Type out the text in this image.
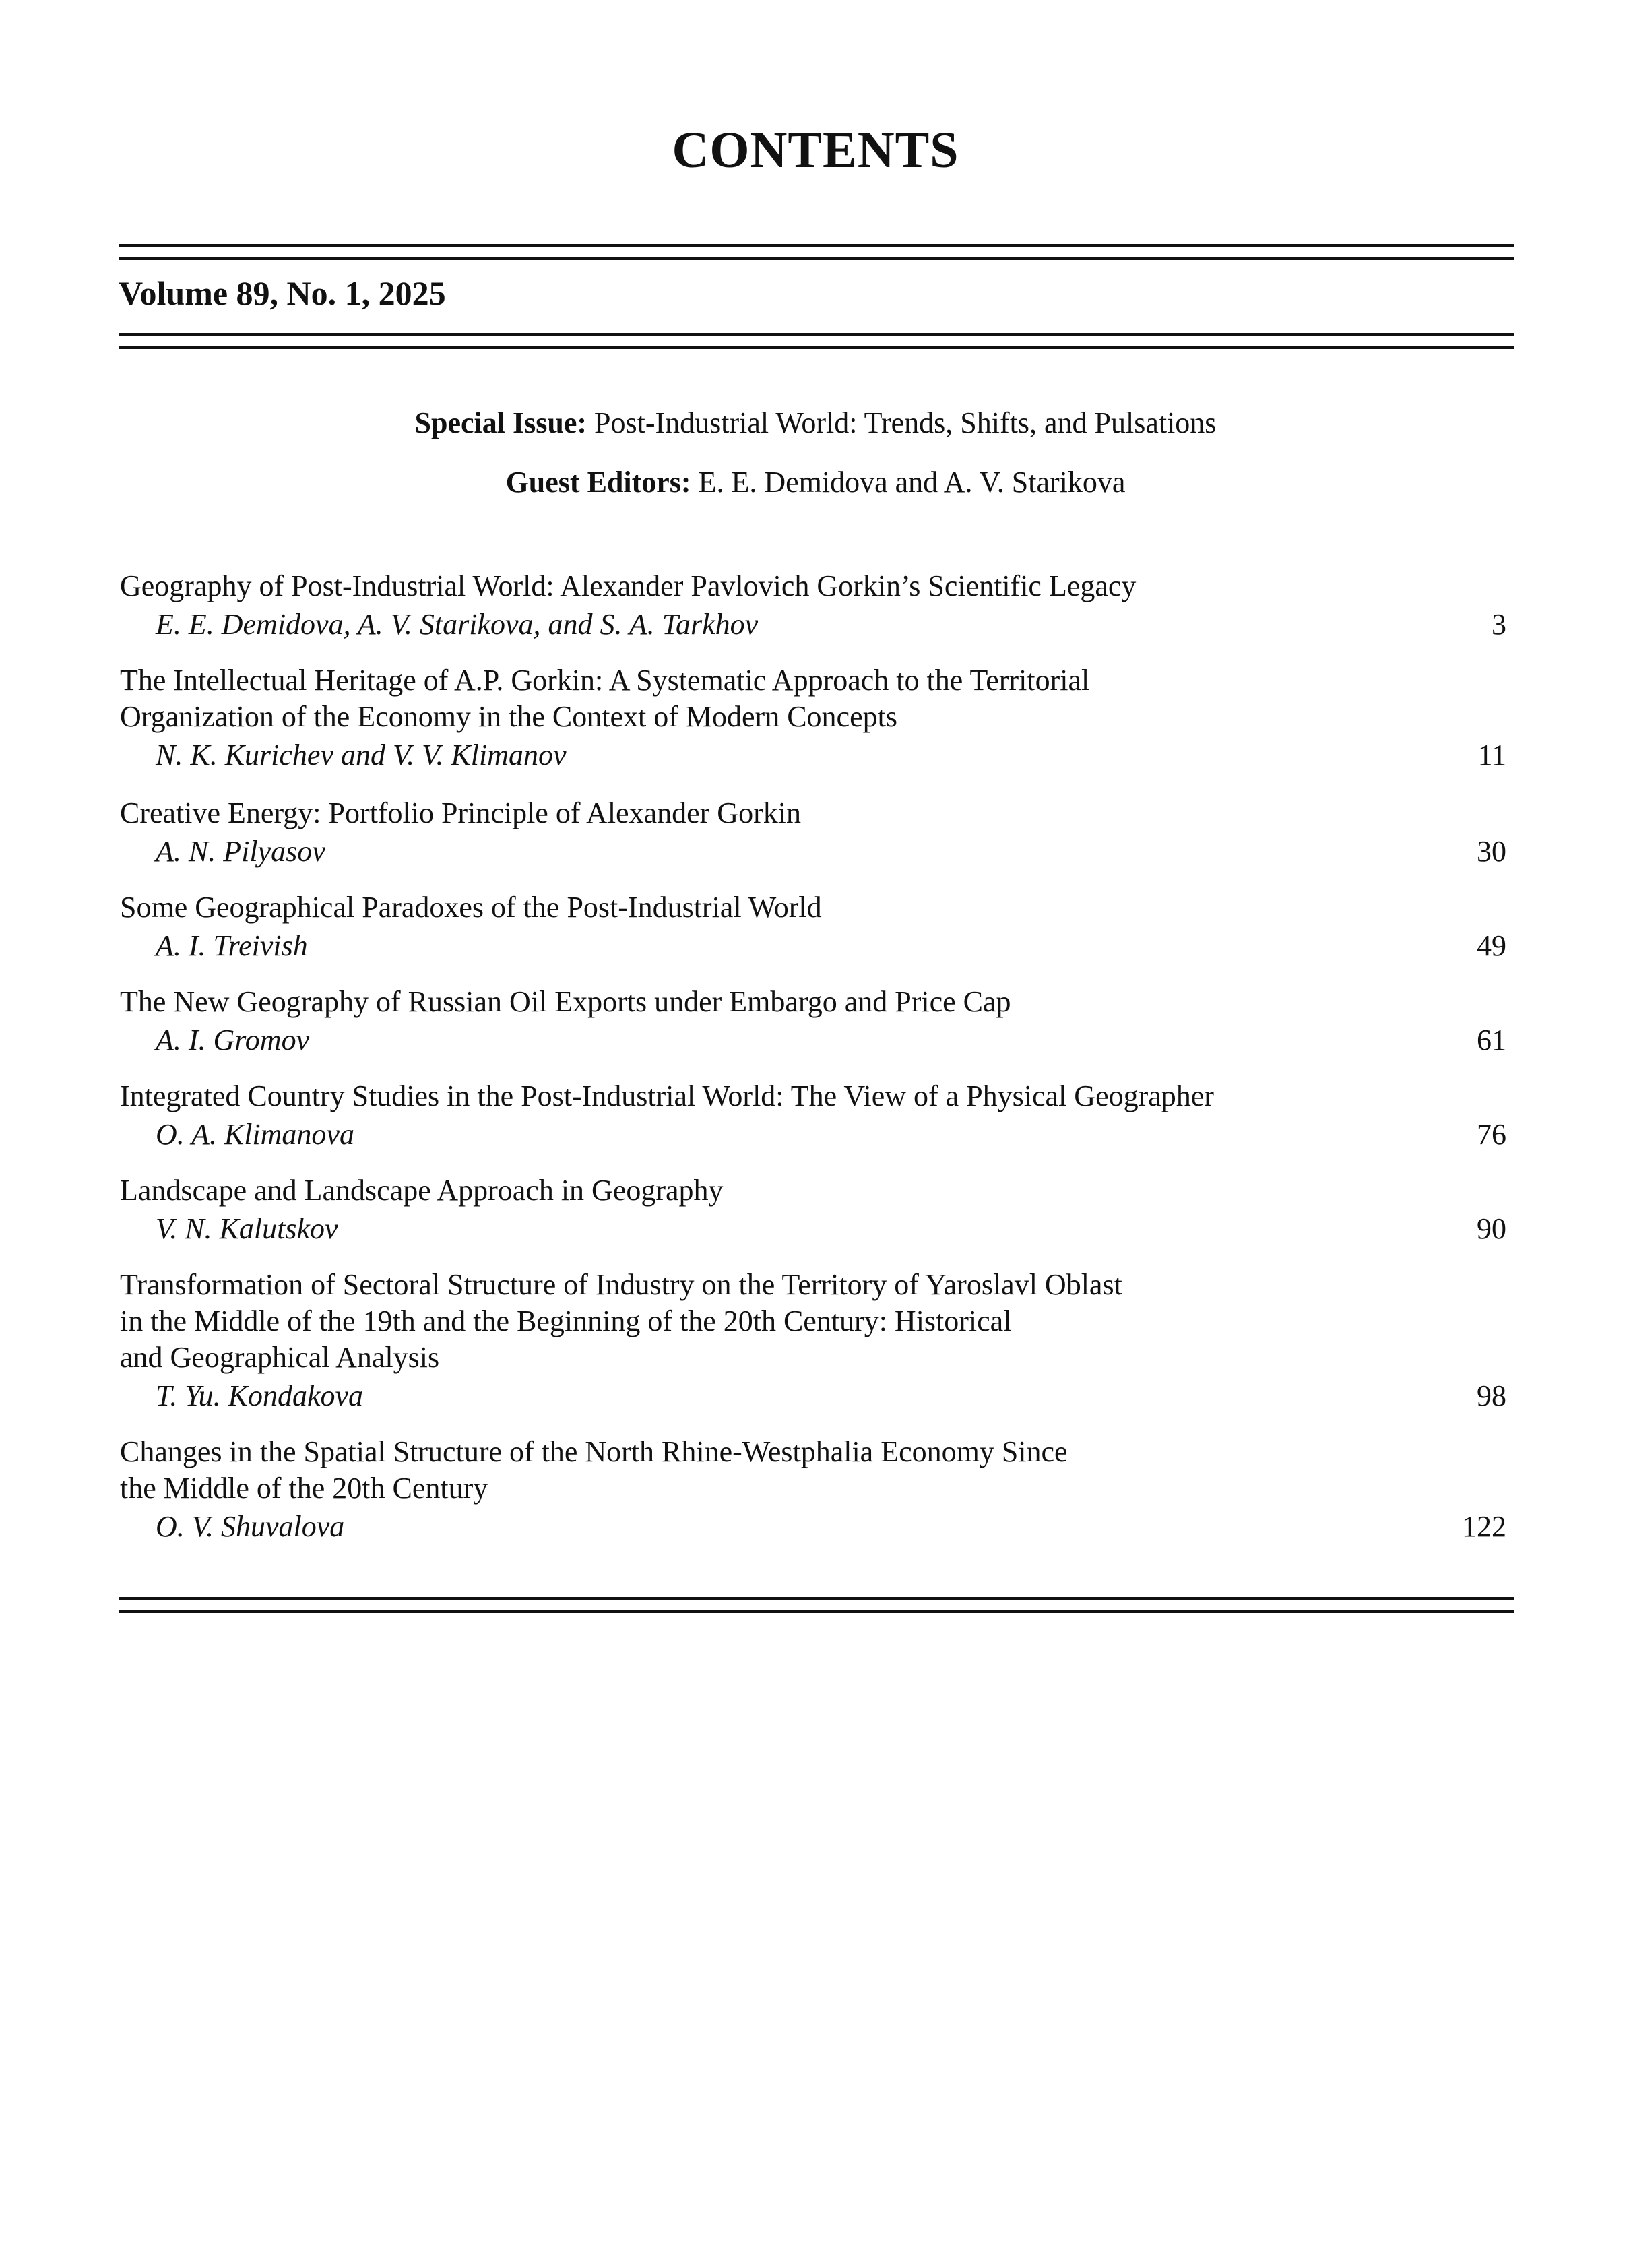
CONTENTS
Volume 89, No. 1, 2025
Special Issue: Post-Industrial World: Trends, Shifts, and Pulsations
Guest Editors: E. E. Demidova and A. V. Starikova
Geography of Post-Industrial World: Alexander Pavlovich Gorkin’s Scientific Legacy
E. E. Demidova, A. V. Starikova, and S. A. Tarkhov	3
The Intellectual Heritage of A.P. Gorkin: A Systematic Approach to the Territorial
Organization of the Economy in the Context of Modern Concepts
N. K. Kurichev and V. V. Klimanov	11
Creative Energy: Portfolio Principle of Alexander Gorkin
A. N. Pilyasov	30
Some Geographical Paradoxes of the Post-Industrial World
A. I. Treivish	49
The New Geography of Russian Oil Exports under Embargo and Price Cap
A. I. Gromov	61
Integrated Country Studies in the Post-Industrial World: The View of a Physical Geographer
O. A. Klimanova	76
Landscape and Landscape Approach in Geography
V. N. Kalutskov	90
Transformation of Sectoral Structure of Industry on the Territory of Yaroslavl Oblast
in the Middle of the 19th and the Beginning of the 20th Century: Historical
and Geographical Analysis
T. Yu. Kondakova	98
Changes in the Spatial Structure of the North Rhine-Westphalia Economy Since
the Middle of the 20th Century
O. V. Shuvalova	122
